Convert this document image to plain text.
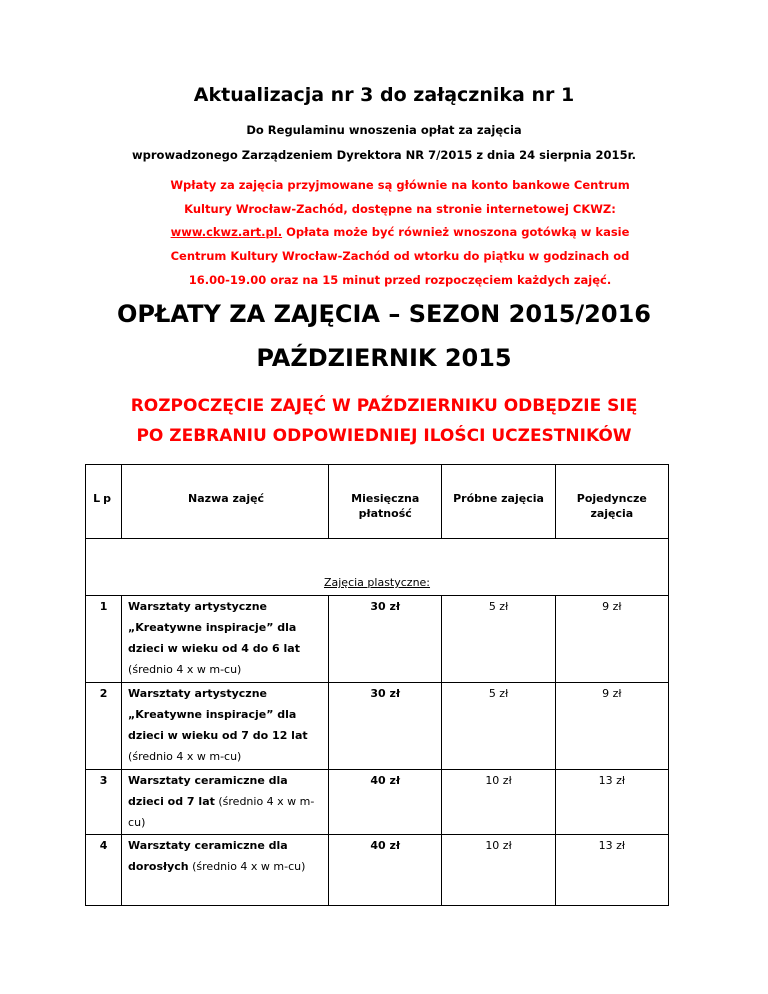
Aktualizacja nr 3 do załącznika nr 1
Do Regulaminu wnoszenia opłat za zajęcia
wprowadzonego Zarządzeniem Dyrektora NR 7/2015 z dnia 24 sierpnia 2015r.
Wpłaty za zajęcia przyjmowane są głównie na konto bankowe Centrum
Kultury Wrocław-Zachód, dostępne na stronie internetowej CKWZ:
www.ckwz.art.pl. Opłata może być również wnoszona gotówką w kasie
Centrum Kultury Wrocław-Zachód od wtorku do piątku w godzinach od
16.00-19.00 oraz na 15 minut przed rozpoczęciem każdych zajęć.
OPŁATY ZA ZAJĘCIA – SEZON 2015/2016
PAŹDZIERNIK 2015
ROZPOCZĘCIE ZAJĘĆ W PAŹDZIERNIKU ODBĘDZIE SIĘ
PO ZEBRANIU ODPOWIEDNIEJ ILOŚCI UCZESTNIKÓW
Lp	Nazwa zajęć	Miesięczna płatność	Próbne zajęcia	Pojedyncze zajęcia

Zajęcia plastyczne:				
1	Warsztaty artystyczne „Kreatywne inspiracje” dla dzieci w wieku od 4 do 6 lat (średnio 4 x w m-cu)	30 zł	5 zł	9 zł
2	Warsztaty artystyczne „Kreatywne inspiracje” dla dzieci w wieku od 7 do 12 lat (średnio 4 x w m-cu)	30 zł	5 zł	9 zł
3	Warsztaty ceramiczne dla dzieci od 7 lat (średnio 4 x w m-cu)	40 zł	10 zł	13 zł
4	Warsztaty ceramiczne dla dorosłych (średnio 4 x w m-cu)	40 zł	10 zł	13 zł
